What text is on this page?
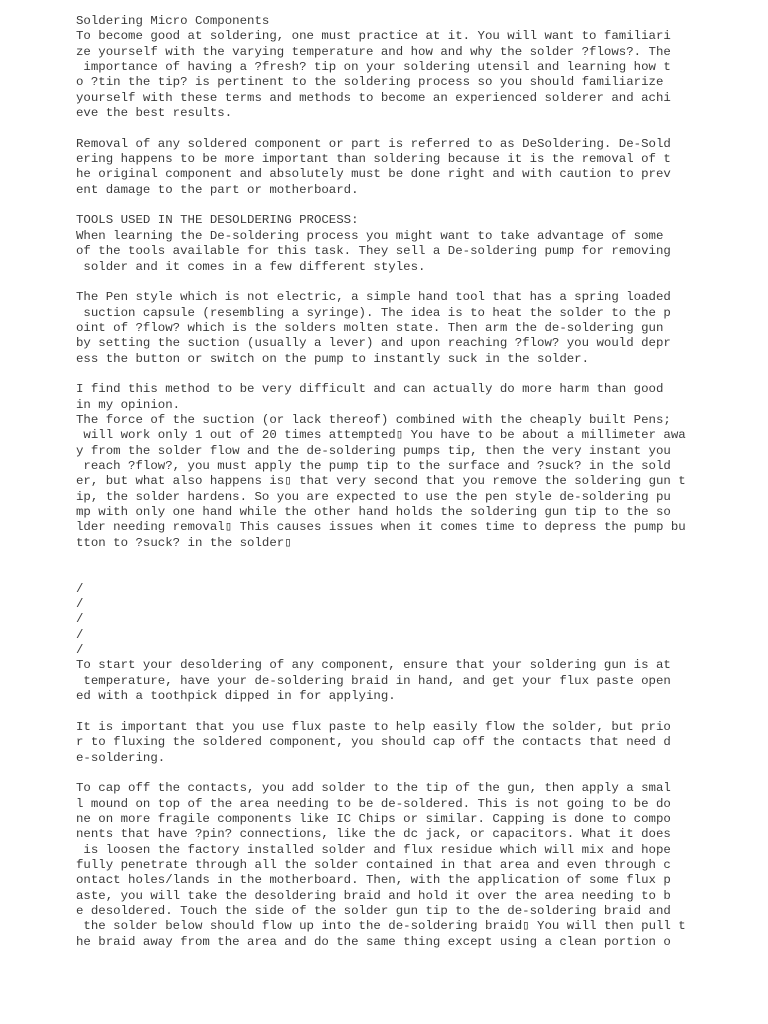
Soldering Micro Components
To become good at soldering, one must practice at it. You will want to familiari
ze yourself with the varying temperature and how and why the solder ?flows?. The
importance of having a ?fresh? tip on your soldering utensil and learning how t
o ?tin the tip? is pertinent to the soldering process so you should familiarize
yourself with these terms and methods to become an experienced solderer and achi
eve the best results.
Removal of any soldered component or part is referred to as DeSoldering. De-Sold
ering happens to be more important than soldering because it is the removal of t
he original component and absolutely must be done right and with caution to prev
ent damage to the part or motherboard.
TOOLS USED IN THE DESOLDERING PROCESS:
When learning the De-soldering process you might want to take advantage of some
of the tools available for this task. They sell a De-soldering pump for removing
solder and it comes in a few different styles.
The Pen style which is not electric, a simple hand tool that has a spring loaded
suction capsule (resembling a syringe). The idea is to heat the solder to the p
oint of ?flow? which is the solders molten state. Then arm the de-soldering gun
by setting the suction (usually a lever) and upon reaching ?flow? you would depr
ess the button or switch on the pump to instantly suck in the solder.
I find this method to be very difficult and can actually do more harm than good
in my opinion.
The force of the suction (or lack thereof) combined with the cheaply built Pens;
will work only 1 out of 20 times attempted▯ You have to be about a millimeter awa
y from the solder flow and the de-soldering pumps tip, then the very instant you
reach ?flow?, you must apply the pump tip to the surface and ?suck? in the sold
er, but what also happens is▯ that very second that you remove the soldering gun t
ip, the solder hardens. So you are expected to use the pen style de-soldering pu
mp with only one hand while the other hand holds the soldering gun tip to the so
lder needing removal▯ This causes issues when it comes time to depress the pump bu
tton to ?suck? in the solder▯
/
/
/
/
/
To start your desoldering of any component, ensure that your soldering gun is at
temperature, have your de-soldering braid in hand, and get your flux paste open
ed with a toothpick dipped in for applying.
It is important that you use flux paste to help easily flow the solder, but prio
r to fluxing the soldered component, you should cap off the contacts that need d
e-soldering.
To cap off the contacts, you add solder to the tip of the gun, then apply a smal
l mound on top of the area needing to be de-soldered. This is not going to be do
ne on more fragile components like IC Chips or similar. Capping is done to compo
nents that have ?pin? connections, like the dc jack, or capacitors. What it does
is loosen the factory installed solder and flux residue which will mix and hope
fully penetrate through all the solder contained in that area and even through c
ontact holes/lands in the motherboard. Then, with the application of some flux p
aste, you will take the desoldering braid and hold it over the area needing to b
e desoldered. Touch the side of the solder gun tip to the de-soldering braid and
the solder below should flow up into the de-soldering braid▯ You will then pull t
he braid away from the area and do the same thing except using a clean portion o
